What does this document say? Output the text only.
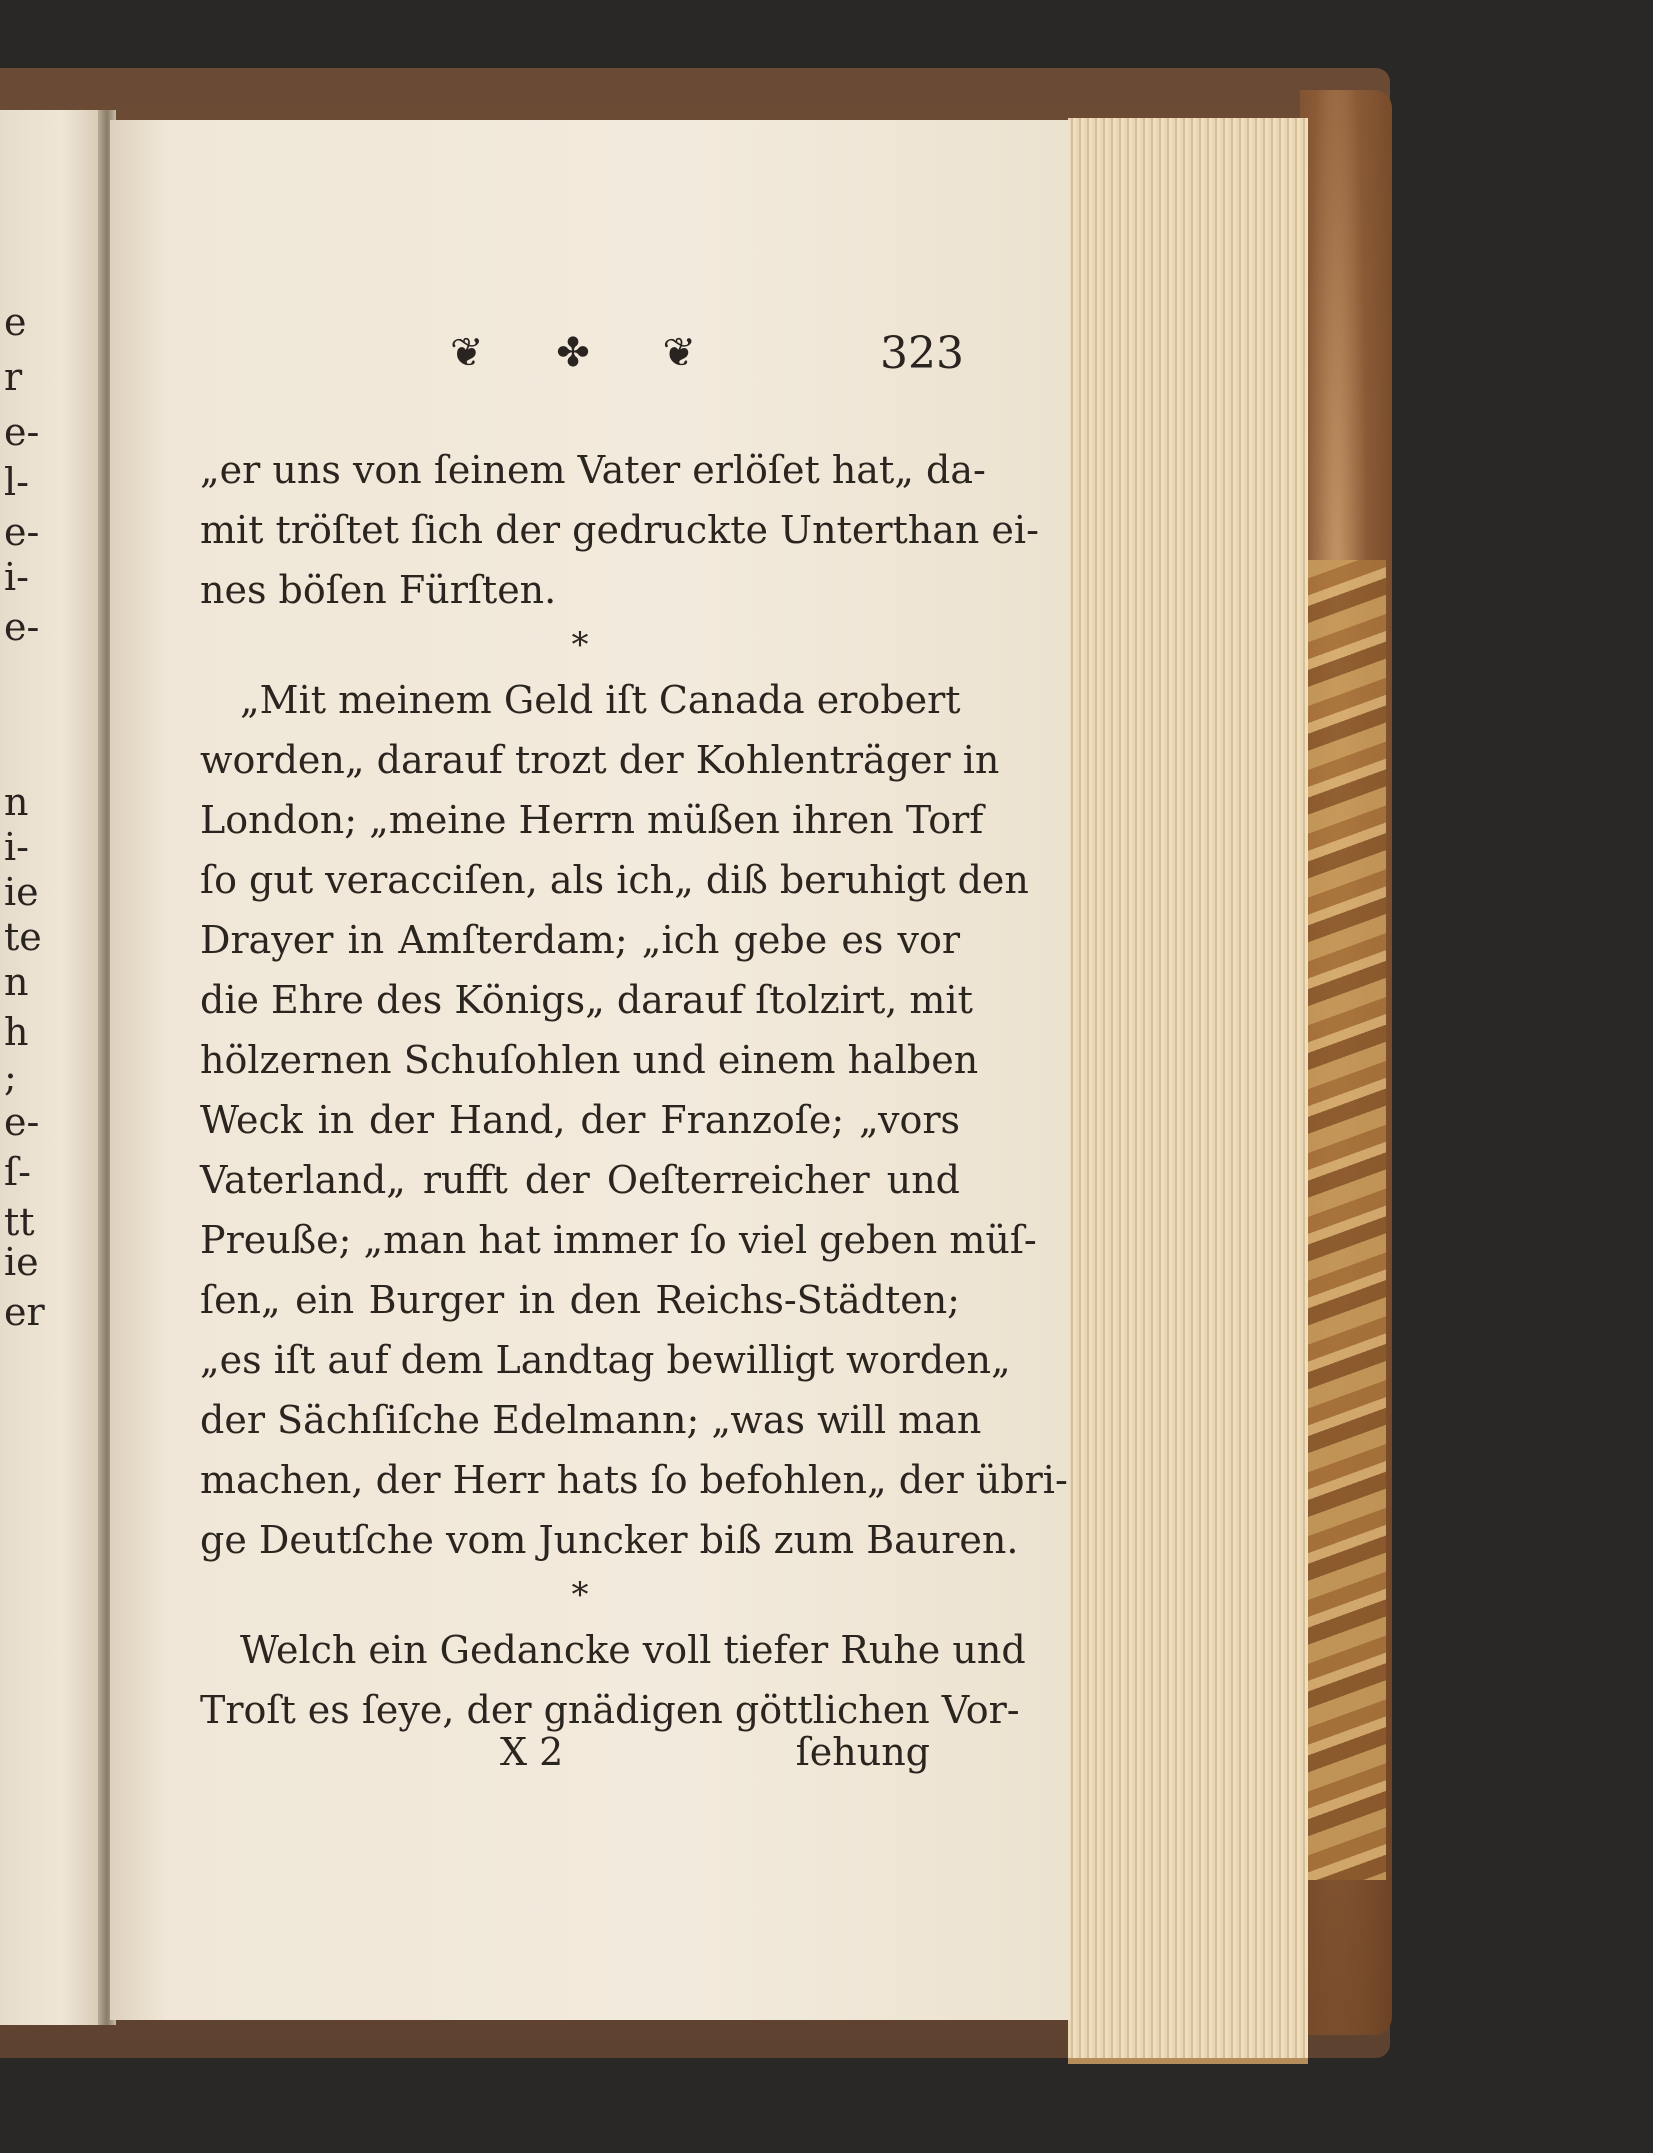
e
r
e-
l-
e-
i-
e-
n
i-
ie
te
n
h
;
e-
ſ-
tt
ie
er
❦ ✤ ❦	323
„er uns von ſeinem Vater erlöſet hat„ da-
mit tröſtet ſich der gedruckte Unterthan ei-
nes böſen Fürſten.
*
„Mit meinem Geld iſt Canada erobert
worden„ darauf trozt der Kohlenträger in
London; „meine Herrn müßen ihren Torf
ſo gut veracciſen, als ich„ diß beruhigt den
Drayer in Amſterdam; „ich gebe es vor
die Ehre des Königs„ darauf ſtolzirt, mit
hölzernen Schuſohlen und einem halben
Weck in der Hand, der Franzoſe; „vors
Vaterland„ rufft der Oeſterreicher und
Preuße; „man hat immer ſo viel geben müſ-
ſen„ ein Burger in den Reichs-Städten;
„es iſt auf dem Landtag bewilligt worden„
der Sächſiſche Edelmann; „was will man
machen, der Herr hats ſo befohlen„ der übri-
ge Deutſche vom Juncker biß zum Bauren.
*
Welch ein Gedancke voll tiefer Ruhe und
Troſt es ſeye, der gnädigen göttlichen Vor-
X 2	ſehung
